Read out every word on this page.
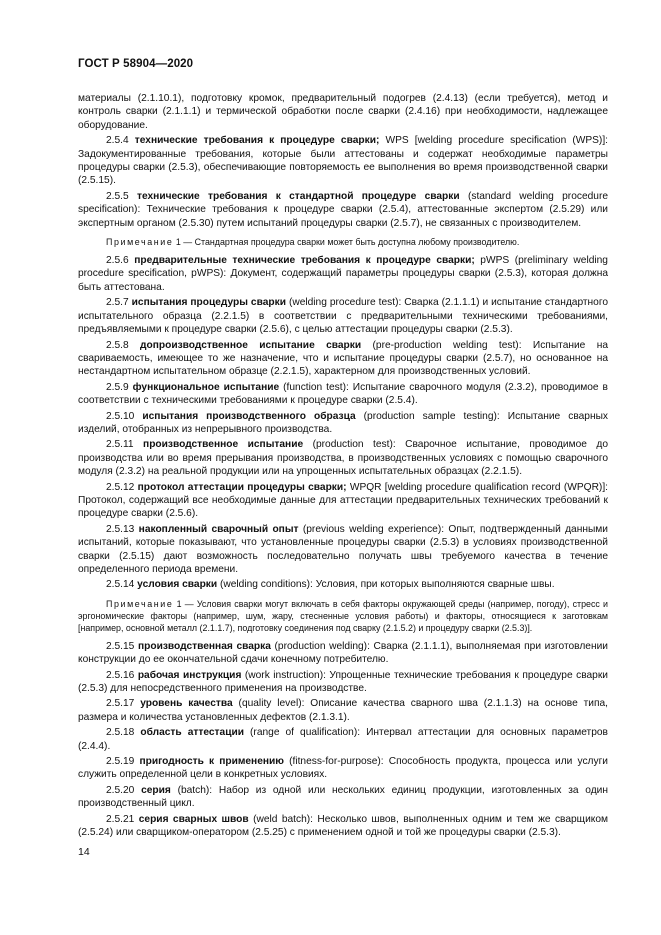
ГОСТ Р 58904—2020
материалы (2.1.10.1), подготовку кромок, предварительный подогрев (2.4.13) (если требуется), метод и контроль сварки (2.1.1.1) и термической обработки после сварки (2.4.16) при необходимости, надлежащее оборудование.
2.5.4 технические требования к процедуре сварки; WPS [welding procedure specification (WPS)]: Задокументированные требования, которые были аттестованы и содержат необходимые параметры процедуры сварки (2.5.3), обеспечивающие повторяемость ее выполнения во время производственной сварки (2.5.15).
2.5.5 технические требования к стандартной процедуре сварки (standard welding procedure specification): Технические требования к процедуре сварки (2.5.4), аттестованные экспертом (2.5.29) или экспертным органом (2.5.30) путем испытаний процедуры сварки (2.5.7), не связанных с производителем.
Примечание 1 — Стандартная процедура сварки может быть доступна любому производителю.
2.5.6 предварительные технические требования к процедуре сварки; pWPS (preliminary welding procedure specification, pWPS): Документ, содержащий параметры процедуры сварки (2.5.3), которая должна быть аттестована.
2.5.7 испытания процедуры сварки (welding procedure test): Сварка (2.1.1.1) и испытание стандартного испытательного образца (2.2.1.5) в соответствии с предварительными техническими требованиями, предъявляемыми к процедуре сварки (2.5.6), с целью аттестации процедуры сварки (2.5.3).
2.5.8 допроизводственное испытание сварки (pre-production welding test): Испытание на свариваемость, имеющее то же назначение, что и испытание процедуры сварки (2.5.7), но основанное на нестандартном испытательном образце (2.2.1.5), характерном для производственных условий.
2.5.9 функциональное испытание (function test): Испытание сварочного модуля (2.3.2), проводимое в соответствии с техническими требованиями к процедуре сварки (2.5.4).
2.5.10 испытания производственного образца (production sample testing): Испытание сварных изделий, отобранных из непрерывного производства.
2.5.11 производственное испытание (production test): Сварочное испытание, проводимое до производства или во время прерывания производства, в производственных условиях с помощью сварочного модуля (2.3.2) на реальной продукции или на упрощенных испытательных образцах (2.2.1.5).
2.5.12 протокол аттестации процедуры сварки; WPQR [welding procedure qualification record (WPQR)]: Протокол, содержащий все необходимые данные для аттестации предварительных технических требований к процедуре сварки (2.5.6).
2.5.13 накопленный сварочный опыт (previous welding experience): Опыт, подтвержденный данными испытаний, которые показывают, что установленные процедуры сварки (2.5.3) в условиях производственной сварки (2.5.15) дают возможность последовательно получать швы требуемого качества в течение определенного периода времени.
2.5.14 условия сварки (welding conditions): Условия, при которых выполняются сварные швы.
Примечание 1 — Условия сварки могут включать в себя факторы окружающей среды (например, погоду), стресс и эргономические факторы (например, шум, жару, стесненные условия работы) и факторы, относящиеся к заготовкам [например, основной металл (2.1.1.7), подготовку соединения под сварку (2.1.5.2) и процедуру сварки (2.5.3)].
2.5.15 производственная сварка (production welding): Сварка (2.1.1.1), выполняемая при изготовлении конструкции до ее окончательной сдачи конечному потребителю.
2.5.16 рабочая инструкция (work instruction): Упрощенные технические требования к процедуре сварки (2.5.3) для непосредственного применения на производстве.
2.5.17 уровень качества (quality level): Описание качества сварного шва (2.1.1.3) на основе типа, размера и количества установленных дефектов (2.1.3.1).
2.5.18 область аттестации (range of qualification): Интервал аттестации для основных параметров (2.4.4).
2.5.19 пригодность к применению (fitness-for-purpose): Способность продукта, процесса или услуги служить определенной цели в конкретных условиях.
2.5.20 серия (batch): Набор из одной или нескольких единиц продукции, изготовленных за один производственный цикл.
2.5.21 серия сварных швов (weld batch): Несколько швов, выполненных одним и тем же сварщиком (2.5.24) или сварщиком-оператором (2.5.25) с применением одной и той же процедуры сварки (2.5.3).
14
